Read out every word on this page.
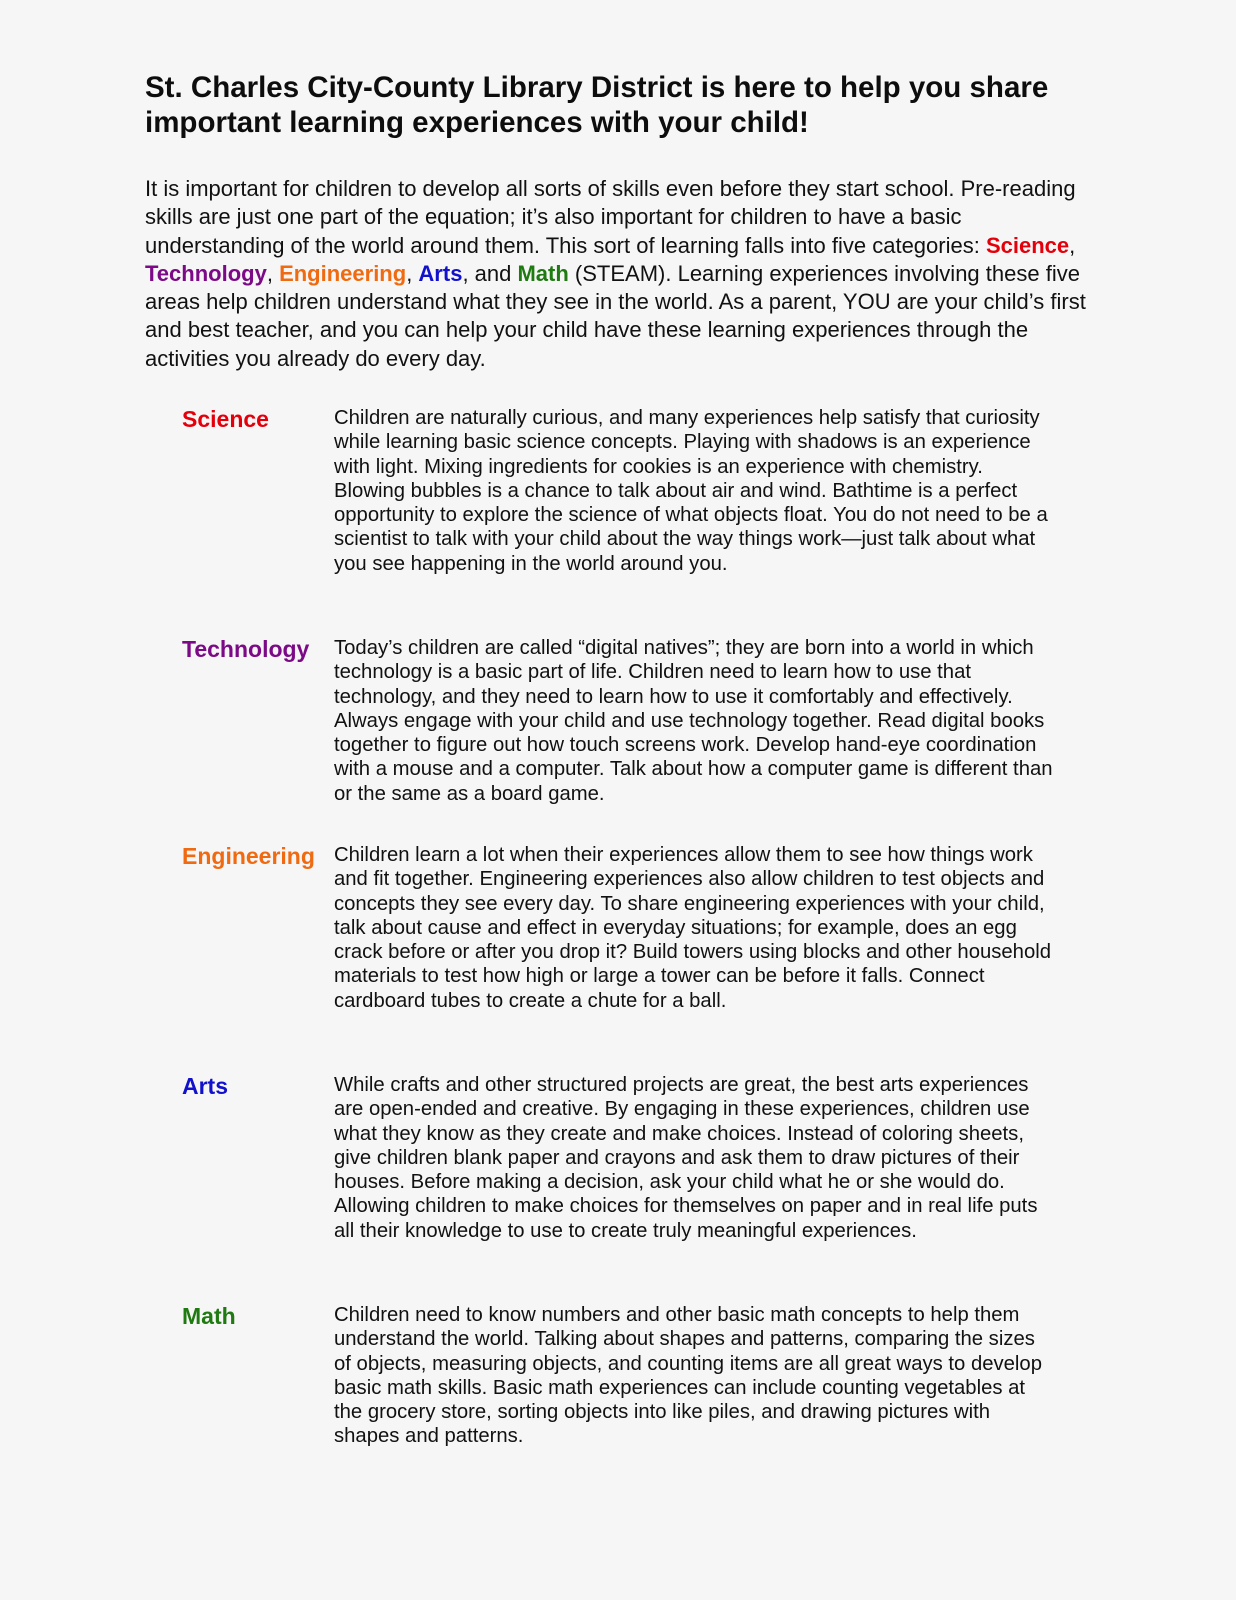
St. Charles City-County Library District is here to help you share important learning experiences with your child!

It is important for children to develop all sorts of skills even before they start school. Pre-reading skills are just one part of the equation; it’s also important for children to have a basic understanding of the world around them. This sort of learning falls into five categories: Science, Technology, Engineering, Arts, and Math (STEAM). Learning experiences involving these five areas help children understand what they see in the world. As a parent, YOU are your child’s first and best teacher, and you can help your child have these learning experiences through the activities you already do every day.

Science	Children are naturally curious, and many experiences help satisfy that curiosity while learning basic science concepts. Playing with shadows is an experience with light. Mixing ingredients for cookies is an experience with chemistry. Blowing bubbles is a chance to talk about air and wind. Bathtime is a perfect opportunity to explore the science of what objects float. You do not need to be a scientist to talk with your child about the way things work—just talk about what you see happening in the world around you.

Technology Today’s children are called “digital natives”; they are born into a world in which technology is a basic part of life. Children need to learn how to use that technology, and they need to learn how to use it comfortably and effectively. Always engage with your child and use technology together. Read digital books together to figure out how touch screens work. Develop hand-eye coordination with a mouse and a computer. Talk about how a computer game is different than or the same as a board game.

Engineering Children learn a lot when their experiences allow them to see how things work and fit together. Engineering experiences also allow children to test objects and concepts they see every day. To share engineering experiences with your child, talk about cause and effect in everyday situations; for example, does an egg crack before or after you drop it? Build towers using blocks and other household materials to test how high or large a tower can be before it falls. Connect cardboard tubes to create a chute for a ball.

Arts	While crafts and other structured projects are great, the best arts experiences are open-ended and creative. By engaging in these experiences, children use what they know as they create and make choices. Instead of coloring sheets, give children blank paper and crayons and ask them to draw pictures of their houses. Before making a decision, ask your child what he or she would do. Allowing children to make choices for themselves on paper and in real life puts all their knowledge to use to create truly meaningful experiences.

Math	Children need to know numbers and other basic math concepts to help them understand the world. Talking about shapes and patterns, comparing the sizes of objects, measuring objects, and counting items are all great ways to develop basic math skills. Basic math experiences can include counting vegetables at the grocery store, sorting objects into like piles, and drawing pictures with shapes and patterns.
